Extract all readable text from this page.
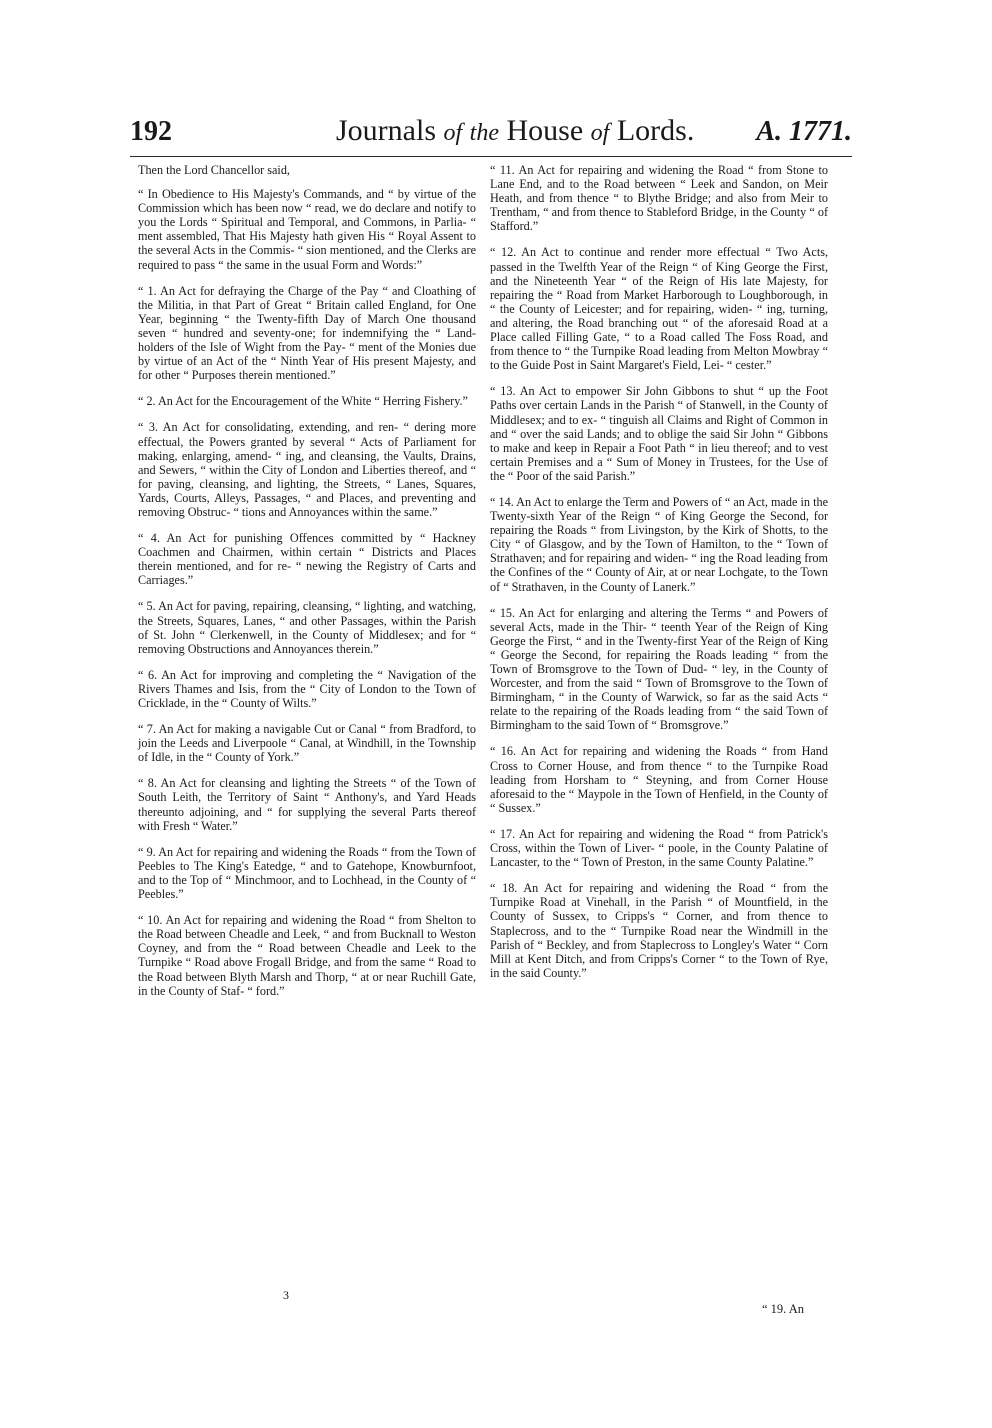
192	Journals of the House of Lords. A. 1771.

Then the Lord Chancellor said,

“ In Obedience to His Majesty's Commands, and “ by virtue of the Commission which has been now “ read, we do declare and notify to you the Lords “ Spiritual and Temporal, and Commons, in Parlia- “ ment assembled, That His Majesty hath given His “ Royal Assent to the several Acts in the Commis- “ sion mentioned, and the Clerks are required to pass “ the same in the usual Form and Words:”

“ 1. An Act for defraying the Charge of the Pay “ and Cloathing of the Militia, in that Part of Great “ Britain called England, for One Year, beginning “ the Twenty-fifth Day of March One thousand seven “ hundred and seventy-one; for indemnifying the “ Land-holders of the Isle of Wight from the Pay- “ ment of the Monies due by virtue of an Act of the “ Ninth Year of His present Majesty, and for other “ Purposes therein mentioned.”

“ 2. An Act for the Encouragement of the White “ Herring Fishery.”

“ 3. An Act for consolidating, extending, and ren- “ dering more effectual, the Powers granted by several “ Acts of Parliament for making, enlarging, amend- “ ing, and cleansing, the Vaults, Drains, and Sewers, “ within the City of London and Liberties thereof, and “ for paving, cleansing, and lighting, the Streets, “ Lanes, Squares, Yards, Courts, Alleys, Passages, “ and Places, and preventing and removing Obstruc- “ tions and Annoyances within the same.”

“ 4. An Act for punishing Offences committed by “ Hackney Coachmen and Chairmen, within certain “ Districts and Places therein mentioned, and for re- “ newing the Registry of Carts and Carriages.”

“ 5. An Act for paving, repairing, cleansing, “ lighting, and watching, the Streets, Squares, Lanes, “ and other Passages, within the Parish of St. John “ Clerkenwell, in the County of Middlesex; and for “ removing Obstructions and Annoyances therein.”

“ 6. An Act for improving and completing the “ Navigation of the Rivers Thames and Isis, from the “ City of London to the Town of Cricklade, in the “ County of Wilts.”

“ 7. An Act for making a navigable Cut or Canal “ from Bradford, to join the Leeds and Liverpoole “ Canal, at Windhill, in the Township of Idle, in the “ County of York.”

“ 8. An Act for cleansing and lighting the Streets “ of the Town of South Leith, the Territory of Saint “ Anthony's, and Yard Heads thereunto adjoining, and “ for supplying the several Parts thereof with Fresh “ Water.”

“ 9. An Act for repairing and widening the Roads “ from the Town of Peebles to The King's Eatedge, “ and to Gatehope, Knowburnfoot, and to the Top of “ Minchmoor, and to Lochhead, in the County of “ Peebles.”

“ 10. An Act for repairing and widening the Road “ from Shelton to the Road between Cheadle and Leek, “ and from Bucknall to Weston Coyney, and from the “ Road between Cheadle and Leek to the Turnpike “ Road above Frogall Bridge, and from the same “ Road to the Road between Blyth Marsh and Thorp, “ at or near Ruchill Gate, in the County of Staf- “ ford.”

3

“ 11. An Act for repairing and widening the Road “ from Stone to Lane End, and to the Road between “ Leek and Sandon, on Meir Heath, and from thence “ to Blythe Bridge; and also from Meir to Trentham, “ and from thence to Stableford Bridge, in the County “ of Stafford.”

“ 12. An Act to continue and render more effectual “ Two Acts, passed in the Twelfth Year of the Reign “ of King George the First, and the Nineteenth Year “ of the Reign of His late Majesty, for repairing the “ Road from Market Harborough to Loughborough, in “ the County of Leicester; and for repairing, widen- “ ing, turning, and altering, the Road branching out “ of the aforesaid Road at a Place called Filling Gate, “ to a Road called The Foss Road, and from thence to “ the Turnpike Road leading from Melton Mowbray “ to the Guide Post in Saint Margaret's Field, Lei- “ cester.”

“ 13. An Act to empower Sir John Gibbons to shut “ up the Foot Paths over certain Lands in the Parish “ of Stanwell, in the County of Middlesex; and to ex- “ tinguish all Claims and Right of Common in and “ over the said Lands; and to oblige the said Sir John “ Gibbons to make and keep in Repair a Foot Path “ in lieu thereof; and to vest certain Premises and a “ Sum of Money in Trustees, for the Use of the “ Poor of the said Parish.”

“ 14. An Act to enlarge the Term and Powers of “ an Act, made in the Twenty-sixth Year of the Reign “ of King George the Second, for repairing the Roads “ from Livingston, by the Kirk of Shotts, to the City “ of Glasgow, and by the Town of Hamilton, to the “ Town of Strathaven; and for repairing and widen- “ ing the Road leading from the Confines of the “ County of Air, at or near Lochgate, to the Town of “ Strathaven, in the County of Lanerk.”

“ 15. An Act for enlarging and altering the Terms “ and Powers of several Acts, made in the Thir- “ teenth Year of the Reign of King George the First, “ and in the Twenty-first Year of the Reign of King “ George the Second, for repairing the Roads leading “ from the Town of Bromsgrove to the Town of Dud- “ ley, in the County of Worcester, and from the said “ Town of Bromsgrove to the Town of Birmingham, “ in the County of Warwick, so far as the said Acts “ relate to the repairing of the Roads leading from “ the said Town of Birmingham to the said Town of “ Bromsgrove.”

“ 16. An Act for repairing and widening the Roads “ from Hand Cross to Corner House, and from thence “ to the Turnpike Road leading from Horsham to “ Steyning, and from Corner House aforesaid to the “ Maypole in the Town of Henfield, in the County of “ Sussex.”

“ 17. An Act for repairing and widening the Road “ from Patrick's Cross, within the Town of Liver- “ poole, in the County Palatine of Lancaster, to the “ Town of Preston, in the same County Palatine.”

“ 18. An Act for repairing and widening the Road “ from the Turnpike Road at Vinehall, in the Parish “ of Mountfield, in the County of Sussex, to Cripps's “ Corner, and from thence to Staplecross, and to the “ Turnpike Road near the Windmill in the Parish of “ Beckley, and from Staplecross to Longley's Water “ Corn Mill at Kent Ditch, and from Cripps's Corner “ to the Town of Rye, in the said County.”

“ 19. An
